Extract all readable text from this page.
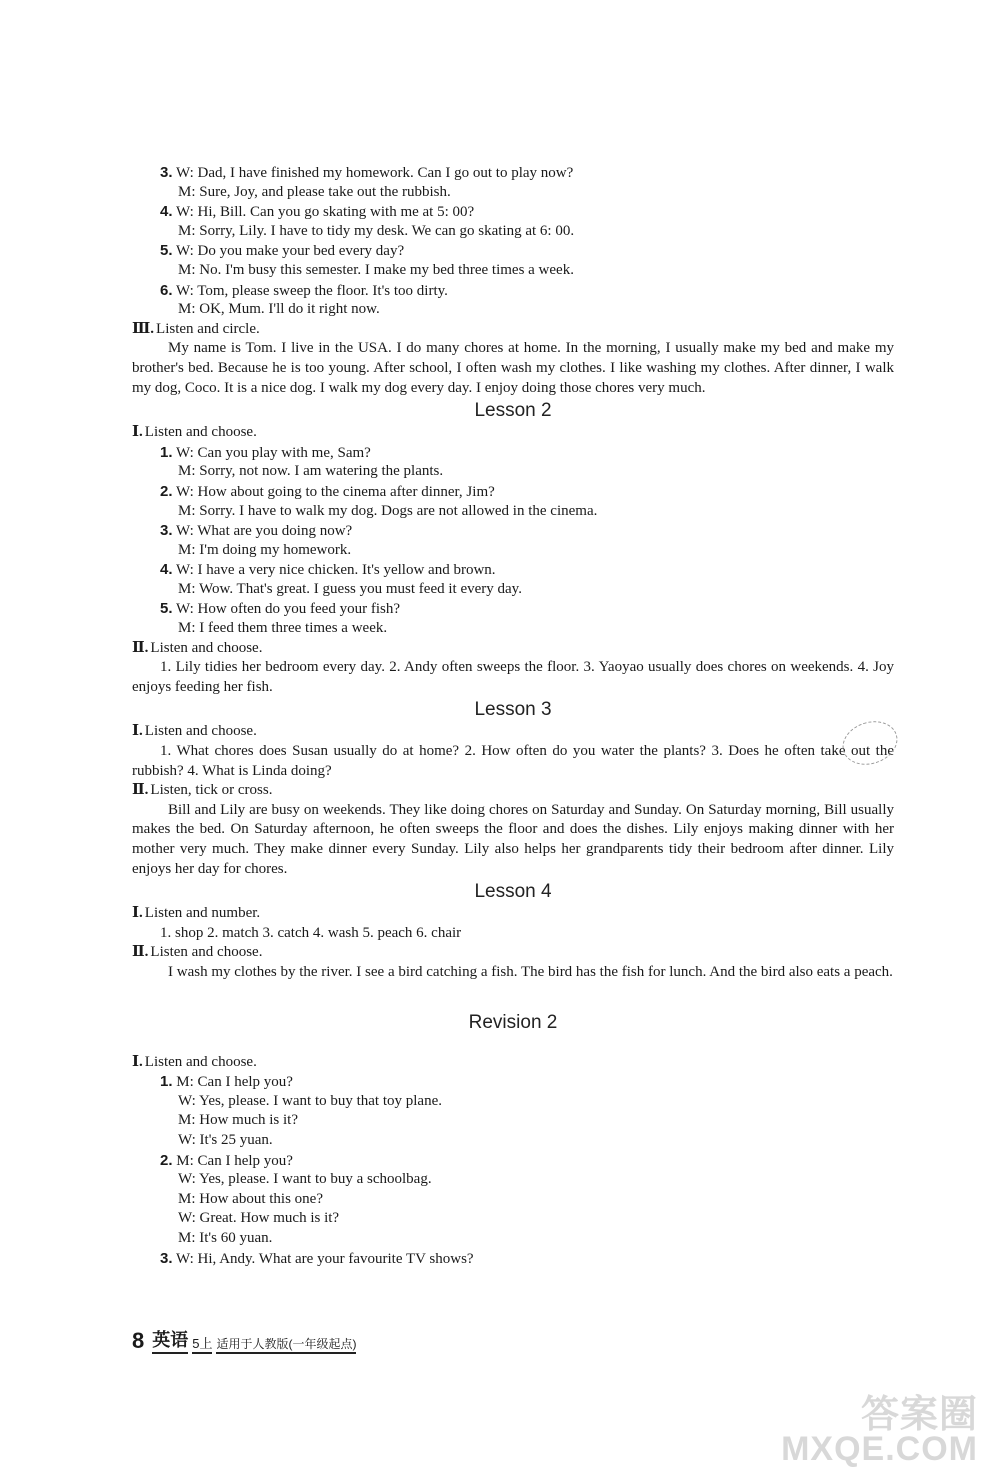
3. W: Dad, I have finished my homework. Can I go out to play now?
M: Sure, Joy, and please take out the rubbish.
4. W: Hi, Bill. Can you go skating with me at 5: 00?
M: Sorry, Lily. I have to tidy my desk. We can go skating at 6: 00.
5. W: Do you make your bed every day?
M: No. I'm busy this semester. I make my bed three times a week.
6. W: Tom, please sweep the floor. It's too dirty.
M: OK, Mum. I'll do it right now.
Ⅲ. Listen and circle.
My name is Tom. I live in the USA. I do many chores at home. In the morning, I usually make my bed and make my brother's bed. Because he is too young. After school, I often wash my clothes. I like washing my clothes. After dinner, I walk my dog, Coco. It is a nice dog. I walk my dog every day. I enjoy doing those chores very much.
Lesson 2
Ⅰ. Listen and choose.
1. W: Can you play with me, Sam?
M: Sorry, not now. I am watering the plants.
2. W: How about going to the cinema after dinner, Jim?
M: Sorry. I have to walk my dog. Dogs are not allowed in the cinema.
3. W: What are you doing now?
M: I'm doing my homework.
4. W: I have a very nice chicken. It's yellow and brown.
M: Wow. That's great. I guess you must feed it every day.
5. W: How often do you feed your fish?
M: I feed them three times a week.
Ⅱ. Listen and choose.
1. Lily tidies her bedroom every day. 2. Andy often sweeps the floor. 3. Yaoyao usually does chores on weekends. 4. Joy enjoys feeding her fish.
Lesson 3
Ⅰ. Listen and choose.
1. What chores does Susan usually do at home? 2. How often do you water the plants? 3. Does he often take out the rubbish? 4. What is Linda doing?
Ⅱ. Listen, tick or cross.
Bill and Lily are busy on weekends. They like doing chores on Saturday and Sunday. On Saturday morning, Bill usually makes the bed. On Saturday afternoon, he often sweeps the floor and does the dishes. Lily enjoys making dinner with her mother very much. They make dinner every Sunday. Lily also helps her grandparents tidy their bedroom after dinner. Lily enjoys her day for chores.
Lesson 4
Ⅰ. Listen and number.
1. shop 2. match 3. catch 4. wash 5. peach 6. chair
Ⅱ. Listen and choose.
I wash my clothes by the river. I see a bird catching a fish. The bird has the fish for lunch. And the bird also eats a peach.
Revision 2
Ⅰ. Listen and choose.
1. M: Can I help you?
W: Yes, please. I want to buy that toy plane.
M: How much is it?
W: It's 25 yuan.
2. M: Can I help you?
W: Yes, please. I want to buy a schoolbag.
M: How about this one?
W: Great. How much is it?
M: It's 60 yuan.
3. W: Hi, Andy. What are your favourite TV shows?
8 英语 5上 适用于人教版(一年级起点)
答案圈
MXQE.COM
